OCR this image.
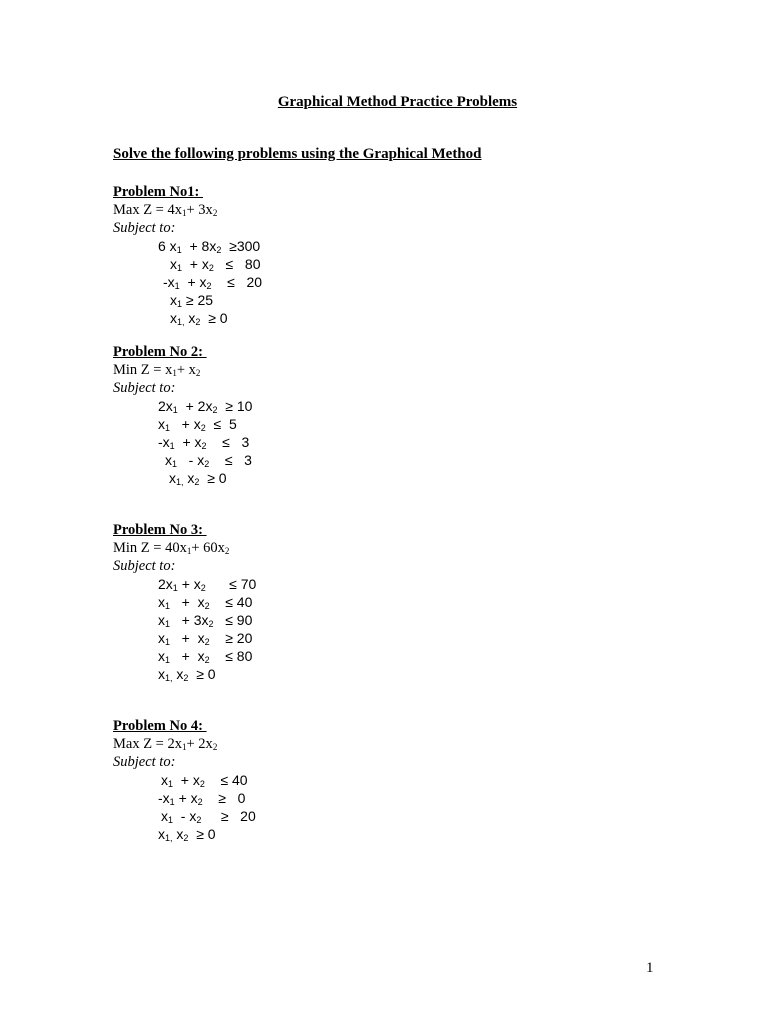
Graphical Method Practice Problems
Solve the following problems using the Graphical Method
Problem No1:
Max $Z = 4x_1+ 3x_2$
Subject to:
6 $x_1 + 8x_2 \ge 300$
$x_1 + x_2 \le 80$
$-x_1 + x_2$    ≤   20
$x_1 \ge 25$
$x_{1,}$ $x_2 \ge 0$
Problem No 2:
Min $Z = x_1+ x_2$
Subject to:
$2x_1 + 2x_2 \ge 10$
$x_1 + x_2 \le 5$
$-x_1 + x_2$    ≤   3
$x_1 - x_2$    ≤   3
$x_{1,}$ $x_2 \ge 0$
Problem No 3:
Min $Z = 40x_1+ 60x_2$
Subject to:
$2x_1 + x_2$      ≤ 70
$x_1 + x_2$    ≤ 40
$x_1 + 3x_2 \le 90$
$x_1 + x_2$    ≥ 20
$x_1 + x_2$    ≤ 80
$x_{1,}$ $x_2 \ge 0$
Problem No 4:
Max $Z = 2x_1+ 2x_2$
Subject to:
$x_1 + x_2$    ≤ 40
$-x_1 + x_2$    ≥   0
$x_1 - x_2$     ≥   20
$x_{1,}$ $x_2 \ge 0$
1
